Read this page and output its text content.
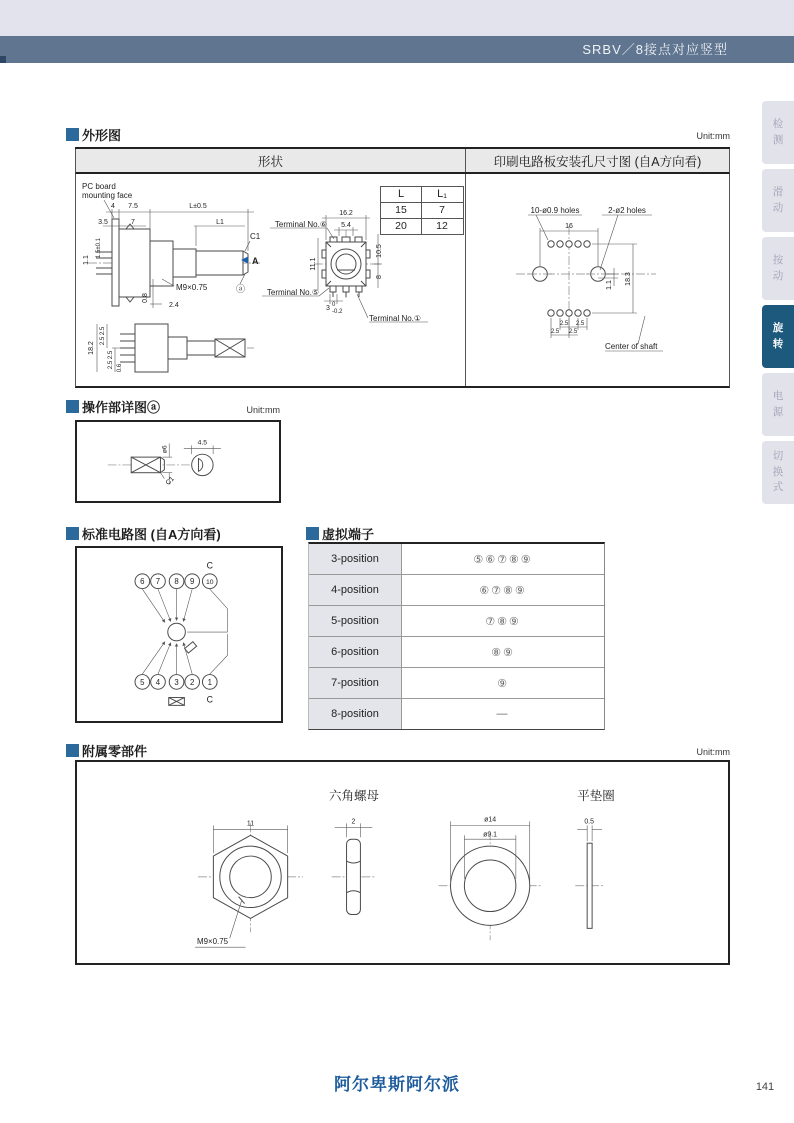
SRBV／8接点对应竖型
检测
滑动
按动
旋转
电源
切换式
外形图	Unit:mm
形状	印刷电路板安装孔尺寸图 (自A方向看)
4 7.5	L±0.5
3.5	7	L1
1.1
1.5±0.1
PC board
mounting face
C1
A
ⓐ
M9×0.75
0.8
2.4
16.2
5.4
11.1
10.5
8
3 0
-0.2
Terminal No.⑥
Terminal No.⑤
Terminal No.①
18.2
2.5
2.5
2.5
2.5 0.6
10-ø0.9 holes	2-ø2 holes
16
1.1 18.3
2.5 2.5
2.5 2.5
Center of shaft
L	L₁
15	7
20	12
操作部详图ⓐ	Unit:mm
ø6
C1
4.5
标准电路图 (自A方向看)
6 7 8 9 10
C
5 4 3 2 1
C
虚拟端子
3-position	⑤⑥⑦⑧⑨
4-position	⑥⑦⑧⑨
5-position	⑦⑧⑨
6-position	⑧⑨
7-position	⑨
8-position	—
附属零部件	Unit:mm
六角螺母	平垫圈
11
M9×0.75
2	ø14
ø9.1
0.5
阿尔卑斯阿尔派	141
